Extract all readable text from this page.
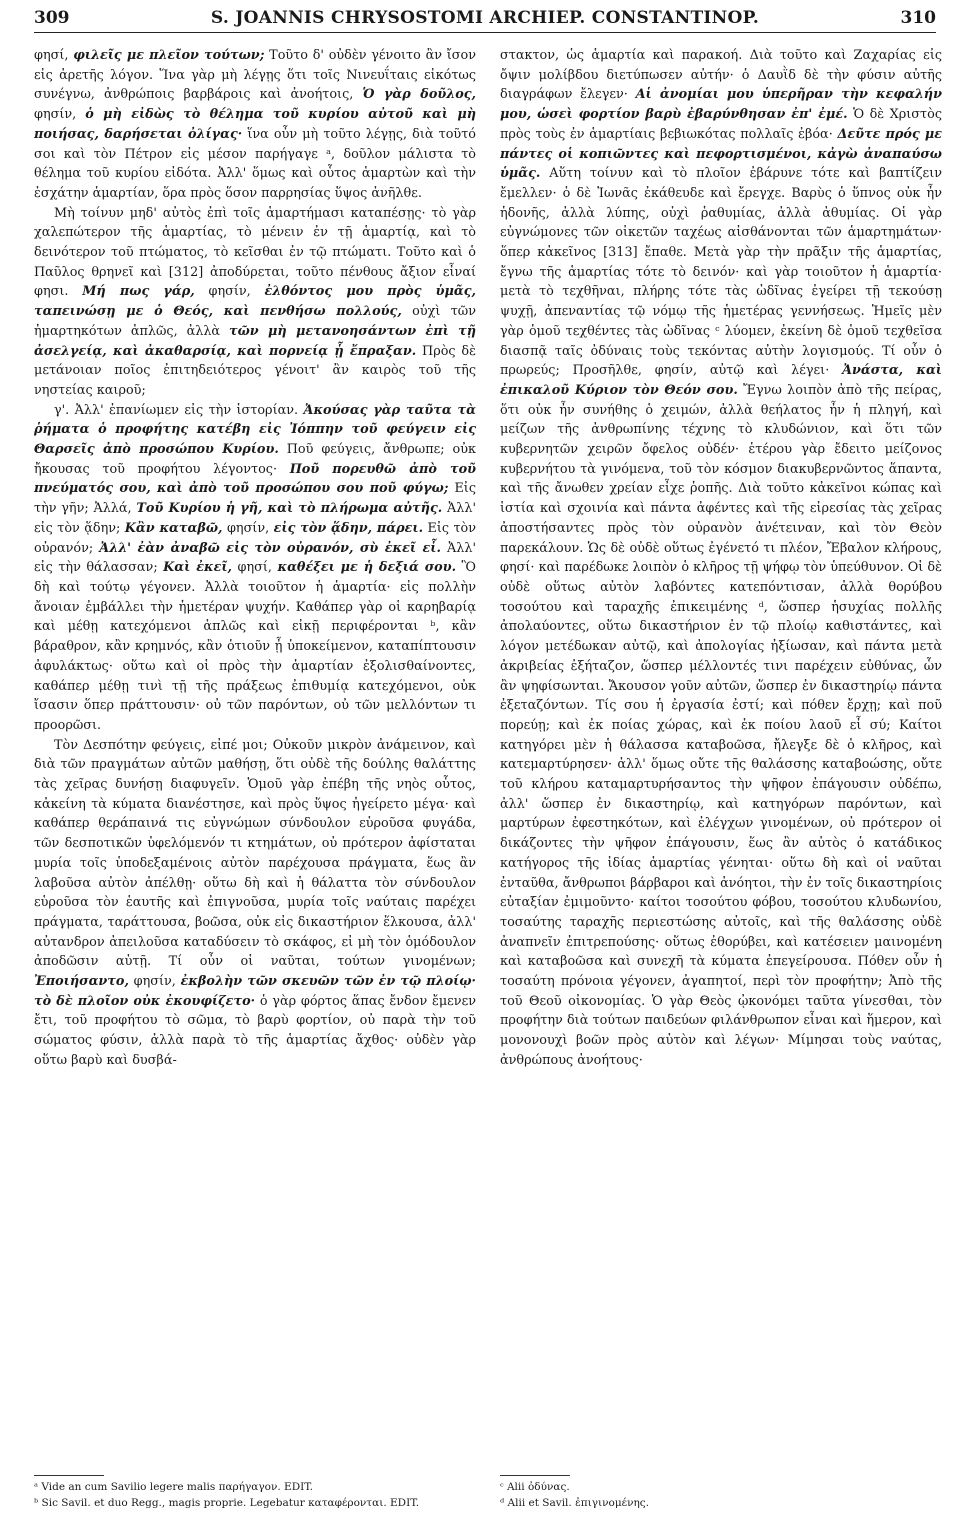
309	S. JOANNIS CHRYSOSTOMI ARCHIEP. CONSTANTINOP.	310

φησί, φιλεῖς με πλεῖον τούτων; Τοῦτο δ' οὐδὲν γένοιτο ἂν ἴσον εἰς ἀρετῆς λόγον. Ἵνα γὰρ μὴ λέγῃς ὅτι τοῖς Νινευΐταις εἰκότως συνέγνω, ἀνθρώποις βαρβάροις καὶ ἀνοήτοις, Ὁ γὰρ δοῦλος, φησίν, ὁ μὴ εἰδὼς τὸ θέλημα τοῦ κυρίου αὐτοῦ καὶ μὴ ποιήσας, δαρήσεται ὀλίγας· ἵνα οὖν μὴ τοῦτο λέγῃς, διὰ τοῦτό σοι καὶ τὸν Πέτρον εἰς μέσον παρήγαγε ᵃ, δοῦλον μάλιστα τὸ θέλημα τοῦ κυρίου εἰδότα. Ἀλλ' ὅμως καὶ οὗτος ἁμαρτὼν καὶ τὴν ἐσχάτην ἁμαρτίαν, ὅρα πρὸς ὅσον παρρησίας ὕψος ἀνῆλθε.

Μὴ τοίνυν μηδ' αὐτὸς ἐπὶ τοῖς ἁμαρτήμασι καταπέσῃς· τὸ γὰρ χαλεπώτερον τῆς ἁμαρτίας, τὸ μένειν ἐν τῇ ἁμαρτίᾳ, καὶ τὸ δεινότερον τοῦ πτώματος, τὸ κεῖσθαι ἐν τῷ πτώματι. Τοῦτο καὶ ὁ Παῦλος θρηνεῖ καὶ [312] ἀποδύρεται, τοῦτο πένθους ἄξιον εἶναί φησι. Μή πως γάρ, φησίν, ἐλθόντος μου πρὸς ὑμᾶς, ταπεινώσῃ με ὁ Θεός, καὶ πενθήσω πολλούς, οὐχὶ τῶν ἡμαρτηκότων ἁπλῶς, ἀλλὰ τῶν μὴ μετανοησάντων ἐπὶ τῇ ἀσελγείᾳ, καὶ ἀκαθαρσίᾳ, καὶ πορνείᾳ ᾗ ἔπραξαν. Πρὸς δὲ μετάνοιαν ποῖος ἐπιτηδειότερος γένοιτ' ἂν καιρὸς τοῦ τῆς νηστείας καιροῦ;

γ'. Ἀλλ' ἐπανίωμεν εἰς τὴν ἱστορίαν. Ἀκούσας γὰρ ταῦτα τὰ ῥήματα ὁ προφήτης κατέβη εἰς Ἰόππην τοῦ φεύγειν εἰς Θαρσεῖς ἀπὸ προσώπου Κυρίου. Ποῦ φεύγεις, ἄνθρωπε; οὐκ ἤκουσας τοῦ προφήτου λέγοντος· Ποῦ πορευθῶ ἀπὸ τοῦ πνεύματός σου, καὶ ἀπὸ τοῦ προσώπου σου ποῦ φύγω; Εἰς τὴν γῆν; Ἀλλά, Τοῦ Κυρίου ἡ γῆ, καὶ τὸ πλήρωμα αὐτῆς. Ἀλλ' εἰς τὸν ᾅδην; Κἂν καταβῶ, φησίν, εἰς τὸν ᾅδην, πάρει. Εἰς τὸν οὐρανόν; Ἀλλ' ἐὰν ἀναβῶ εἰς τὸν οὐρανόν, σὺ ἐκεῖ εἶ. Ἀλλ' εἰς τὴν θάλασσαν; Καὶ ἐκεῖ, φησί, καθέξει με ἡ δεξιά σου. Ὃ δὴ καὶ τούτῳ γέγονεν. Ἀλλὰ τοιοῦτον ἡ ἁμαρτία· εἰς πολλὴν ἄνοιαν ἐμβάλλει τὴν ἡμετέραν ψυχήν. Καθάπερ γὰρ οἱ καρηβαρίᾳ καὶ μέθῃ κατεχόμενοι ἁπλῶς καὶ εἰκῇ περιφέρονται ᵇ, κἂν βάραθρον, κἂν κρημνός, κἂν ὁτιοῦν ᾖ ὑποκείμενον, καταπίπτουσιν ἀφυλάκτως· οὕτω καὶ οἱ πρὸς τὴν ἁμαρτίαν ἐξολισθαίνοντες, καθάπερ μέθῃ τινὶ τῇ τῆς πράξεως ἐπιθυμίᾳ κατεχόμενοι, οὐκ ἴσασιν ὅπερ πράττουσιν· οὐ τῶν παρόντων, οὐ τῶν μελλόντων τι προορῶσι.

Τὸν Δεσπότην φεύγεις, εἰπέ μοι; Οὐκοῦν μικρὸν ἀνάμεινον, καὶ διὰ τῶν πραγμάτων αὐτῶν μαθήσῃ, ὅτι οὐδὲ τῆς δούλης θαλάττης τὰς χεῖρας δυνήσῃ διαφυγεῖν. Ὁμοῦ γὰρ ἐπέβη τῆς νηὸς οὗτος, κἀκείνη τὰ κύματα διανέστησε, καὶ πρὸς ὕψος ἠγείρετο μέγα· καὶ καθάπερ θεράπαινά τις εὐγνώμων σύνδουλον εὑροῦσα φυγάδα, τῶν δεσποτικῶν ὑφελόμενόν τι κτημάτων, οὐ πρότερον ἀφίσταται μυρία τοῖς ὑποδεξαμένοις αὐτὸν παρέχουσα πράγματα, ἕως ἂν λαβοῦσα αὐτὸν ἀπέλθῃ· οὕτω δὴ καὶ ἡ θάλαττα τὸν σύνδουλον εὑροῦσα τὸν ἑαυτῆς καὶ ἐπιγνοῦσα, μυρία τοῖς ναύταις παρέχει πράγματα, ταράττουσα, βοῶσα, οὐκ εἰς δικαστήριον ἕλκουσα, ἀλλ' αὐτανδρον ἀπειλοῦσα καταδύσειν τὸ σκάφος, εἰ μὴ τὸν ὁμόδουλον ἀποδῶσιν αὐτῇ. Τί οὖν οἱ ναῦται, τούτων γινομένων; Ἐποιήσαντο, φησίν, ἐκβολὴν τῶν σκευῶν τῶν ἐν τῷ πλοίῳ· τὸ δὲ πλοῖον οὐκ ἐκουφίζετο· ὁ γὰρ φόρτος ἅπας ἔνδον ἔμενεν ἔτι, τοῦ προφήτου τὸ σῶμα, τὸ βαρὺ φορτίον, οὐ παρὰ τὴν τοῦ σώματος φύσιν, ἀλλὰ παρὰ τὸ τῆς ἁμαρτίας ἄχθος· οὐδὲν γὰρ οὕτω βαρὺ καὶ δυσβά-

στακτον, ὡς ἁμαρτία καὶ παρακοή. Διὰ τοῦτο καὶ Ζαχαρίας εἰς ὄψιν μολίβδου διετύπωσεν αὐτήν· ὁ Δαυῒδ δὲ τὴν φύσιν αὐτῆς διαγράφων ἔλεγεν· Αἱ ἀνομίαι μου ὑπερῆραν τὴν κεφαλήν μου, ὡσεὶ φορτίον βαρὺ ἐβαρύνθησαν ἐπ' ἐμέ. Ὁ δὲ Χριστὸς πρὸς τοὺς ἐν ἁμαρτίαις βεβιωκότας πολλαῖς ἐβόα· Δεῦτε πρός με πάντες οἱ κοπιῶντες καὶ πεφορτισμένοι, κἀγὼ ἀναπαύσω ὑμᾶς. Αὕτη τοίνυν καὶ τὸ πλοῖον ἐβάρυνε τότε καὶ βαπτίζειν ἔμελλεν· ὁ δὲ Ἰωνᾶς ἐκάθευδε καὶ ἔρεγχε. Βαρὺς ὁ ὕπνος οὐκ ἦν ἡδονῆς, ἀλλὰ λύπης, οὐχὶ ῥαθυμίας, ἀλλὰ ἀθυμίας. Οἱ γὰρ εὐγνώμονες τῶν οἰκετῶν ταχέως αἰσθάνονται τῶν ἁμαρτημάτων· ὅπερ κἀκεῖνος [313] ἔπαθε. Μετὰ γὰρ τὴν πρᾶξιν τῆς ἁμαρτίας, ἔγνω τῆς ἁμαρτίας τότε τὸ δεινόν· καὶ γὰρ τοιοῦτον ἡ ἁμαρτία· μετὰ τὸ τεχθῆναι, πλήρης τότε τὰς ὠδῖνας ἐγείρει τῇ τεκούσῃ ψυχῇ, ἀπεναντίας τῷ νόμῳ τῆς ἡμετέρας γεννήσεως. Ἡμεῖς μὲν γὰρ ὁμοῦ τεχθέντες τὰς ὠδῖνας ᶜ λύομεν, ἐκείνη δὲ ὁμοῦ τεχθεῖσα διασπᾷ ταῖς ὀδύναις τοὺς τεκόντας αὐτὴν λογισμούς. Τί οὖν ὁ πρωρεύς; Προσῆλθε, φησίν, αὐτῷ καὶ λέγει· Ἀνάστα, καὶ ἐπικαλοῦ Κύριον τὸν Θεόν σου. Ἔγνω λοιπὸν ἀπὸ τῆς πείρας, ὅτι οὐκ ἦν συνήθης ὁ χειμών, ἀλλὰ θεήλατος ἦν ἡ πληγή, καὶ μείζων τῆς ἀνθρωπίνης τέχνης τὸ κλυδώνιον, καὶ ὅτι τῶν κυβερνητῶν χειρῶν ὄφελος οὐδέν· ἑτέρου γὰρ ἔδειτο μείζονος κυβερνήτου τὰ γινόμενα, τοῦ τὸν κόσμον διακυβερνῶντος ἅπαντα, καὶ τῆς ἄνωθεν χρείαν εἶχε ῥοπῆς. Διὰ τοῦτο κἀκεῖνοι κώπας καὶ ἱστία καὶ σχοινία καὶ πάντα ἀφέντες καὶ τῆς εἰρεσίας τὰς χεῖρας ἀποστήσαντες πρὸς τὸν οὐρανὸν ἀνέτειναν, καὶ τὸν Θεὸν παρεκάλουν. Ὡς δὲ οὐδὲ οὕτως ἐγένετό τι πλέον, Ἔβαλον κλήρους, φησί· καὶ παρέδωκε λοιπὸν ὁ κλῆρος τῇ ψήφῳ τὸν ὑπεύθυνον. Οἱ δὲ οὐδὲ οὕτως αὐτὸν λαβόντες κατεπόντισαν, ἀλλὰ θορύβου τοσούτου καὶ ταραχῆς ἐπικειμένης ᵈ, ὥσπερ ἡσυχίας πολλῆς ἀπολαύοντες, οὕτω δικαστήριον ἐν τῷ πλοίῳ καθιστάντες, καὶ λόγον μετέδωκαν αὐτῷ, καὶ ἀπολογίας ἠξίωσαν, καὶ πάντα μετὰ ἀκριβείας ἐξήταζον, ὥσπερ μέλλοντές τινι παρέχειν εὐθύνας, ὧν ἂν ψηφίσωνται. Ἄκουσον γοῦν αὐτῶν, ὥσπερ ἐν δικαστηρίῳ πάντα ἐξεταζόντων. Τίς σου ἡ ἐργασία ἐστί; καὶ πόθεν ἔρχῃ; καὶ ποῦ πορεύῃ; καὶ ἐκ ποίας χώρας, καὶ ἐκ ποίου λαοῦ εἶ σύ; Καίτοι κατηγόρει μὲν ἡ θάλασσα καταβοῶσα, ἤλεγξε δὲ ὁ κλῆρος, καὶ κατεμαρτύρησεν· ἀλλ' ὅμως οὔτε τῆς θαλάσσης καταβοώσης, οὔτε τοῦ κλήρου καταμαρτυρήσαντος τὴν ψῆφον ἐπάγουσιν οὐδέπω, ἀλλ' ὥσπερ ἐν δικαστηρίῳ, καὶ κατηγόρων παρόντων, καὶ μαρτύρων ἐφεστηκότων, καὶ ἐλέγχων γινομένων, οὐ πρότερον οἱ δικάζοντες τὴν ψῆφον ἐπάγουσιν, ἕως ἂν αὐτὸς ὁ κατάδικος κατήγορος τῆς ἰδίας ἁμαρτίας γένηται· οὕτω δὴ καὶ οἱ ναῦται ἐνταῦθα, ἄνθρωποι βάρβαροι καὶ ἀνόητοι, τὴν ἐν τοῖς δικαστηρίοις εὐταξίαν ἐμιμοῦντο· καίτοι τοσούτου φόβου, τοσούτου κλυδωνίου, τοσαύτης ταραχῆς περιεστώσης αὐτοῖς, καὶ τῆς θαλάσσης οὐδὲ ἀναπνεῖν ἐπιτρεπούσης· οὕτως ἐθορύβει, καὶ κατέσειεν μαινομένη καὶ καταβοῶσα καὶ συνεχῆ τὰ κύματα ἐπεγείρουσα. Πόθεν οὖν ἡ τοσαύτη πρόνοια γέγονεν, ἀγαπητοί, περὶ τὸν προφήτην; Ἀπὸ τῆς τοῦ Θεοῦ οἰκονομίας. Ὁ γὰρ Θεὸς ᾠκονόμει ταῦτα γίνεσθαι, τὸν προφήτην διὰ τούτων παιδεύων φιλάνθρωπον εἶναι καὶ ἥμερον, καὶ μονονουχὶ βοῶν πρὸς αὐτὸν καὶ λέγων· Μίμησαι τοὺς ναύτας, ἀνθρώπους ἀνοήτους·

ᵃ Vide an cum Savilio legere malis παρήγαγον. EDIT.
ᵇ Sic Savil. et duo Regg., magis proprie. Legebatur καταφέρονται. EDIT.
ᶜ Alii ὀδύνας.
ᵈ Alii et Savil. ἐπιγινομένης.
